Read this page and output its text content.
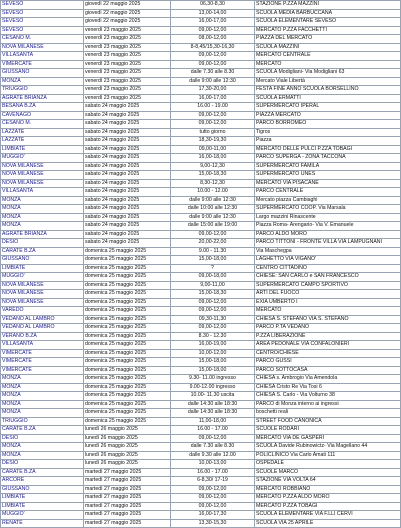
SEVESO	giovedì 22 maggio 2025	06,30-8,30	STAZIONE P.ZZA MAZZINI
SEVESO	giovedì 22 maggio 2025	13,00-14,00	SCUOLA MEDIA BARBUCCANA
SEVESO	giovedì 22 maggio 2025	16,00-17,00	SCUOLA ELEMENTARE SEVESO
SEVESO	venerdì 23 maggio 2025	09,00-12,00	MERCATO P.ZZA FACCHETTI
CESANO M.	venerdì 23 maggio 2025	08,00-12,00	PIAZZA DEL MERCATO
NOVA MILANESE	venerdì 23 maggio 2025	8-8,45/15,30-16,30	SCUOLA MAZZINI
VILLASANTA	venerdì 23 maggio 2025	09,00-12,00	MERCATO CENTRALE
VIMERCATE	venerdì 23 maggio 2025	09,00-12,00	MERCATO
GIUSSANO	venerdì 23 maggio 2025	dalle 7.30 alle 8.30	SCUOLA Modigliani- Via Modigliani 63
MONZA	venerdì 23 maggio 2025	dalle 9:00 alle 12:30	Mercato Viale Libertà
TRIUGGIO	venerdì 23 maggio 2025	17,30-20,00	FESTA FINE ANNO SCUOLA BORSELLINO
AGRATE BRIANZA	venerdì 23 maggio 2025	16,00-17,00	SCUOLA ERMATTI
BESANA B.ZA	sabato 24 maggio 2025	16.00 - 19.00	SUPERMERCATO IPERAL
CAVENAGO	sabato 24 maggio 2025	09,00-12,00	PIAZZA MERCATO
CESANO M.	sabato 24 maggio 2025	09,00-12,00	PARCO BORROMEO
LAZZATE	sabato 24 maggio 2025	tutto giorno	Tigros
LAZZATE	sabato 24 maggio 2025	18,30-19,30	Piazza
LIMBIATE	sabato 24 maggio 2025	09,00-11,00	MERCATO DELLE PULCI P.ZZA TOBAGI
MUGGIO'	sabato 24 maggio 2025	16,00-18,00	PARCO SUPERGA - ZONA TACCONA
NOVA MILANESE	sabato 24 maggio 2025	9,00-12,30	SUPERMERCATO FAMILA
NOVA MILANESE	sabato 24 maggio 2025	15,00-18,30	SUPERMERCATO UNES
NOVA MILANESE	sabato 24 maggio 2025	8,30-12,30	MERCATO VIA PISACANE
VILLASANTA	sabato 24 maggio 2025	10.00 - 12.00	PARCO CENTRALE
MONZA	sabato 24 maggio 2025	dalle 9:00 alle 12:30	Mercato piazza Cambiaghi
MONZA	sabato 24 maggio 2025	dalle 10:00 alle 12:30	SUPERMERCATO COOP. Via Marsala
MONZA	sabato 24 maggio 2025	dalle 9:00 alle 12:30	Largo mazzini Rinascente
MONZA	sabato 24 maggio 2025	dalle 15:00 alle 19:00	Piazza Roma- Arengario- Via V. Emanuele
AGRATE BRIANZA	sabato 24 maggio 2025	09,00-12,00	PARCO ALDO MORO
DESIO	sabato 24 maggio 2025	20,00-22,00	PARCO TITTONI - FRONTE VILLA VIA LAMPUGNANI
CARATE B.ZA	domenica 25 maggio 2025	9.00 - 11.30	Via Maschegpa
GIUSSANO	domenica 25 maggio 2025	15,00-18,00	LAGHETTO VIA VIGANO'
LIMBIATE	domenica 25 maggio 2025	?	CENTRO CITTADINO
MUGGIO'	domenica 25 maggio 2025	09,00-18,00	CHIESE: SAN CARLO e SAN FRANCESCO
NOVA MILANESE	domenica 25 maggio 2025	9,00-11,00	SUPERMERCATO CAMPO SPORTIVO
NOVA MILANESE	domenica 25 maggio 2025	15,00-18,30	ARTI DEL FUOCO
NOVA MILANESE	domenica 25 maggio 2025	09,00-12,00	EXIA UMBERTO I
VAREDO	domenica 25 maggio 2025	09,00-12,00	MERCATO
VEDANO AL LAMBRO	domenica 25 maggio 2025	09,30-11,30	CHIESA S. STEFANO VIA S. STEFANO
VEDANO AL LAMBRO	domenica 25 maggio 2025	09,00-12,00	PARCO P.TA VEDANO
VERANO B.ZA	domenica 25 maggio 2025	8.30 - 12.30	P.ZZA LIBERAZIONE
VILLASANTA	domenica 25 maggio 2025	16,00-19,00	AREA PEDONALE VIA CONFALONIERI
VIMERCATE	domenica 25 maggio 2025	10,00-12,00	CENTRO/CHIESE
VIMERCATE	domenica 25 maggio 2025	15,00-18,00	PARCO GUSSI
VIMERCATE	domenica 25 maggio 2025	15,00-18,00	PARCO SOTTOCASA
MONZA	domenica 25 maggio 2025	9.30- 11.00 ingresso	CHIESA s. Ambrogio Via Amendola
MONZA	domenica 25 maggio 2025	9.00-12.00 ingresso	CHIESA Cristo Re Via Tosi 6
MONZA	domenica 25 maggio 2025	10.00- 11.30 uscita	CHIESA S. Carlo - Via Volturno 38
MONZA	domenica 25 maggio 2025	dalle 14:30 alle 18:30	PARCO di Monza interno ai ingressi
MONZA	domenica 25 maggio 2025	dalle 14:30 alle 18:30	boschetti reali
TRIUGGIO	domenica 25 maggio 2025	11,00-18,00	STREET FOOD CANONICA
CARATE B.ZA	lunedì 26 maggio 2025	16.00 - 17.00	SCUOLE RODARI
DESIO	lunedì 26 maggio 2025	09,00-12,00	MERCATO VIA DE GASPERI
MONZA	lunedì 26 maggio 2025	dalle 7.30 alle 8.30	SCUOLA Davide Rubinowictz- Via Magellano 44
MONZA	lunedì 26 maggio 2025	dalle 9.30 alle 12.00	POLICLINICO Via Carlo Amati 111
DESIO	lunedì 26 maggio 2025	10,00-13,00	OSPEDALE
CARATE B.ZA	martedì 27 maggio 2025	16.00 - 17.00	SCUOLE MARCO
ARCORE	martedì 27 maggio 2025	6-8,30/ 17-19	STAZIONE VIA VOLTA 64
GIUSSANO	martedì 27 maggio 2025	09,00-12,00	MERCATO ROBBIANO
LIMBIATE	martedì 27 maggio 2025	09,00-12,00	MERCATO P.ZZA ALDO MORO
LIMBIATE	martedì 27 maggio 2025	09,00-12,00	MERCATO P.ZZA TOBAGI
MUGGIO'	martedì 27 maggio 2025	16,00-17,30	SCUOLA ELEMENTARE VIA F.LLI CERVI
RENATE	martedì 27 maggio 2025	13,30-15,30	SCUOLA VIA 25 APRILE
